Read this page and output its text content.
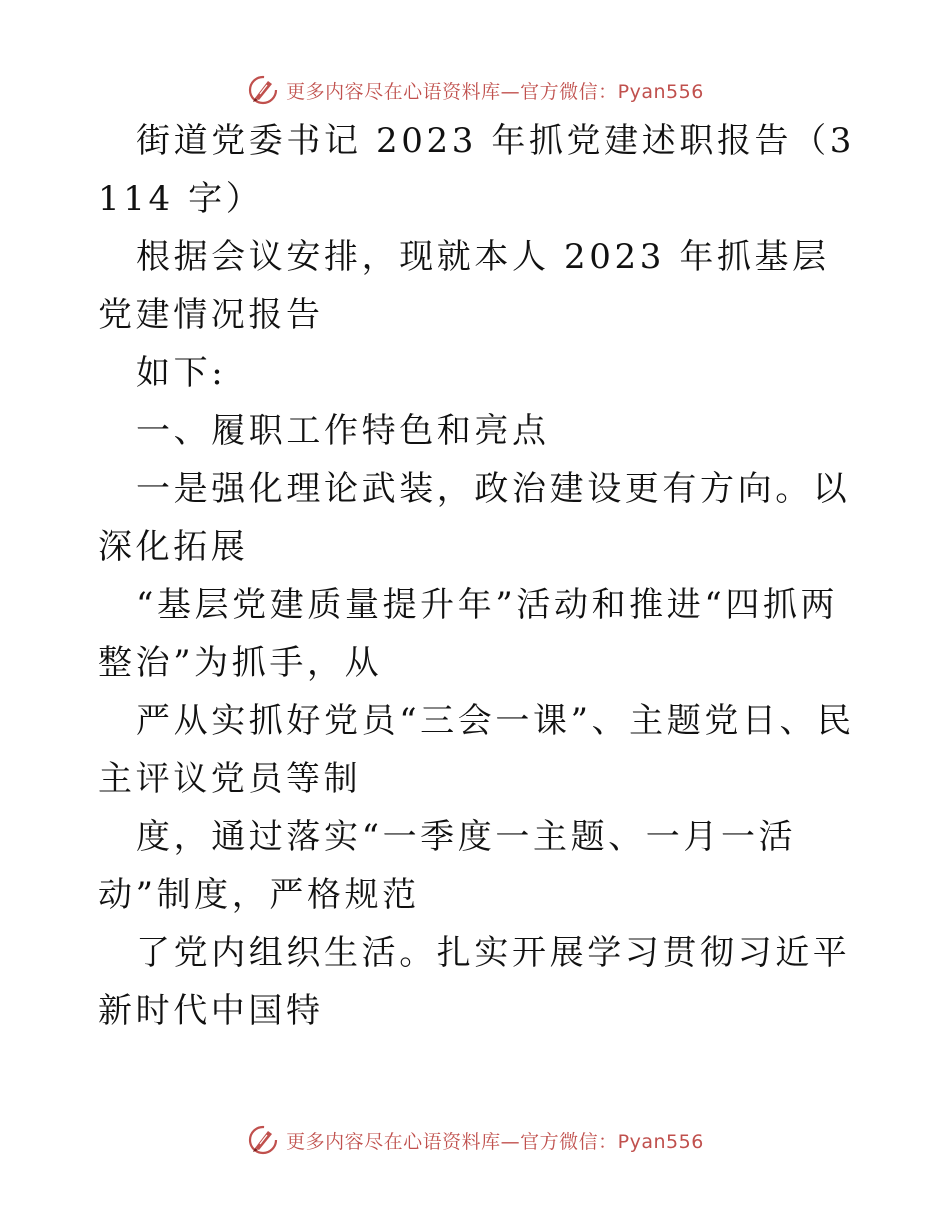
更多内容尽在心语资料库—官方微信：Pyan556

街道党委书记 2023 年抓党建述职报告（3114 字）

根据会议安排，现就本人 2023 年抓基层党建情况报告

如下:

一、履职工作特色和亮点

一是强化理论武装，政治建设更有方向。以深化拓展

“基层党建质量提升年”活动和推进“四抓两整治”为抓手，从

严从实抓好党员“三会一课”、主题党日、民主评议党员等制

度，通过落实“一季度一主题、一月一活动”制度，严格规范

了党内组织生活。扎实开展学习贯彻习近平新时代中国特

更多内容尽在心语资料库—官方微信：Pyan556
